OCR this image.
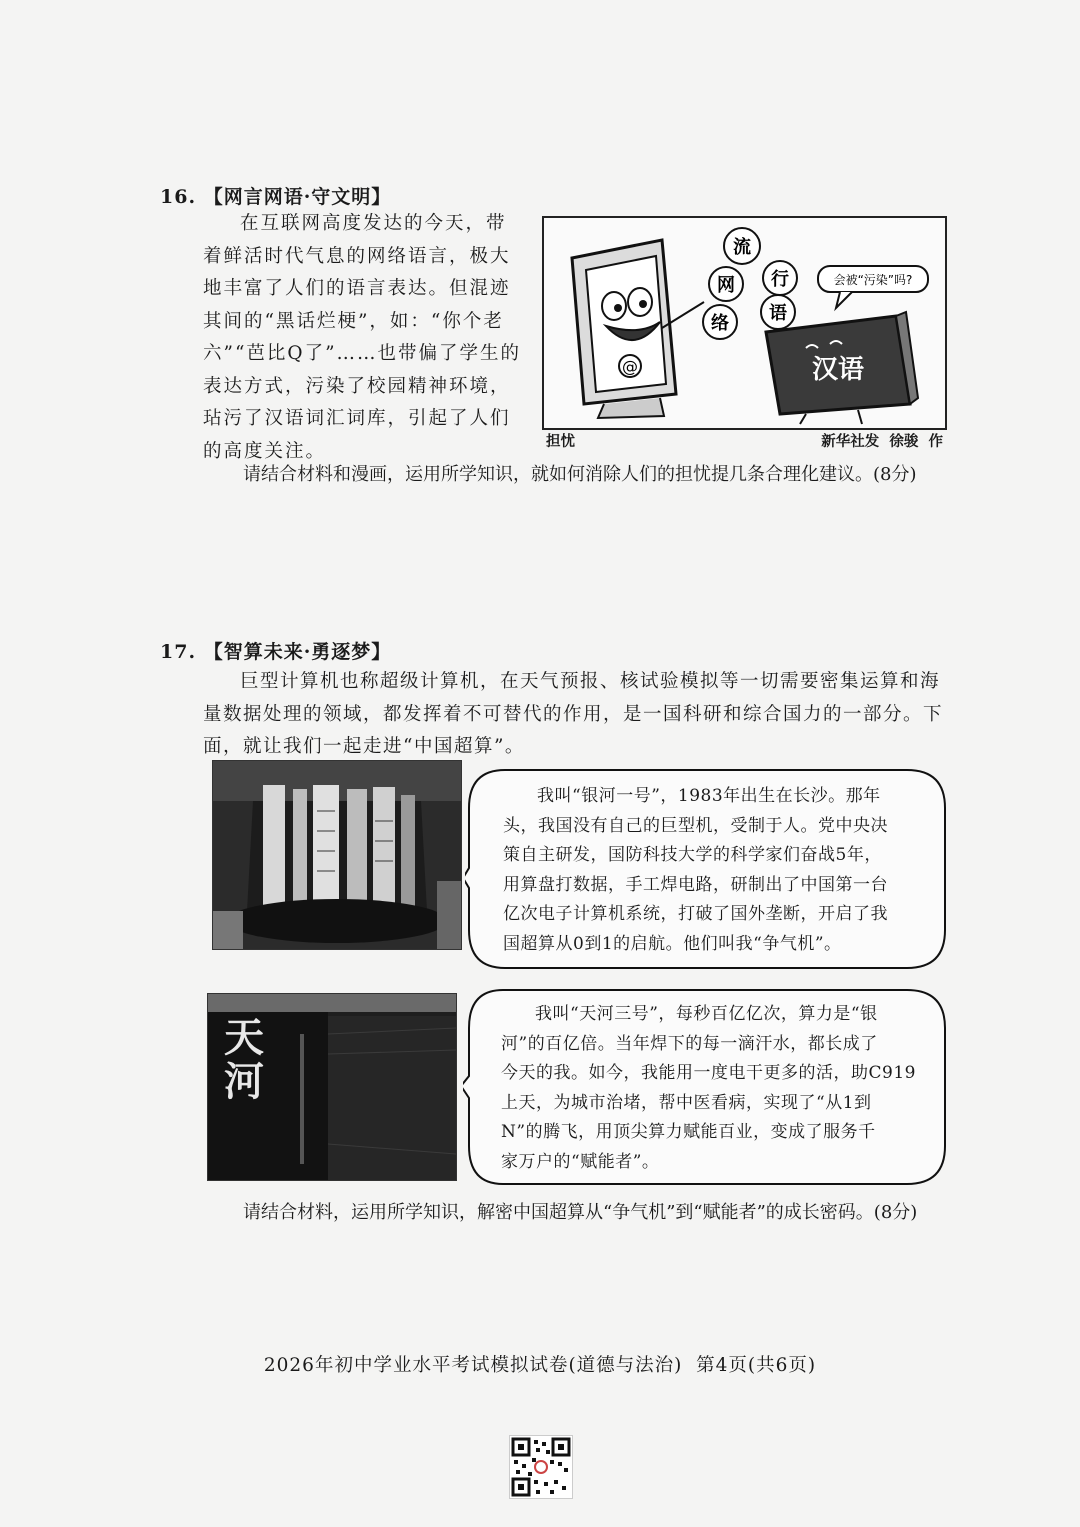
16. 【网言网语·守文明】
在互联网高度发达的今天，带
着鲜活时代气息的网络语言，极大
地丰富了人们的语言表达。但混迹
其间的“黑话烂梗”，如：“你个老
六”“芭比Q了”……也带偏了学生的
表达方式，污染了校园精神环境，
玷污了汉语词汇词库，引起了人们
的高度关注。
@
流
行
网
语
络
会被“污染”吗?
汉语
担忧	新华社发  徐骏  作
请结合材料和漫画，运用所学知识，就如何消除人们的担忧提几条合理化建议。(8分)
17. 【智算未来·勇逐梦】
巨型计算机也称超级计算机，在天气预报、核试验模拟等一切需要密集运算和海
量数据处理的领域，都发挥着不可替代的作用，是一国科研和综合国力的一部分。下
面，就让我们一起走进“中国超算”。
我叫“银河一号”，1983年出生在长沙。那年
头，我国没有自己的巨型机，受制于人。党中央决
策自主研发，国防科技大学的科学家们奋战5年，
用算盘打数据，手工焊电路，研制出了中国第一台
亿次电子计算机系统，打破了国外垄断，开启了我
国超算从0到1的启航。他们叫我“争气机”。
天河
我叫“天河三号”，每秒百亿亿次，算力是“银
河”的百亿倍。当年焊下的每一滴汗水，都长成了
今天的我。如今，我能用一度电干更多的活，助C919
上天，为城市治堵，帮中医看病，实现了“从1到
N”的腾飞，用顶尖算力赋能百业，变成了服务千
家万户的“赋能者”。
请结合材料，运用所学知识，解密中国超算从“争气机”到“赋能者”的成长密码。(8分)
2026年初中学业水平考试模拟试卷(道德与法治)  第4页(共6页)
